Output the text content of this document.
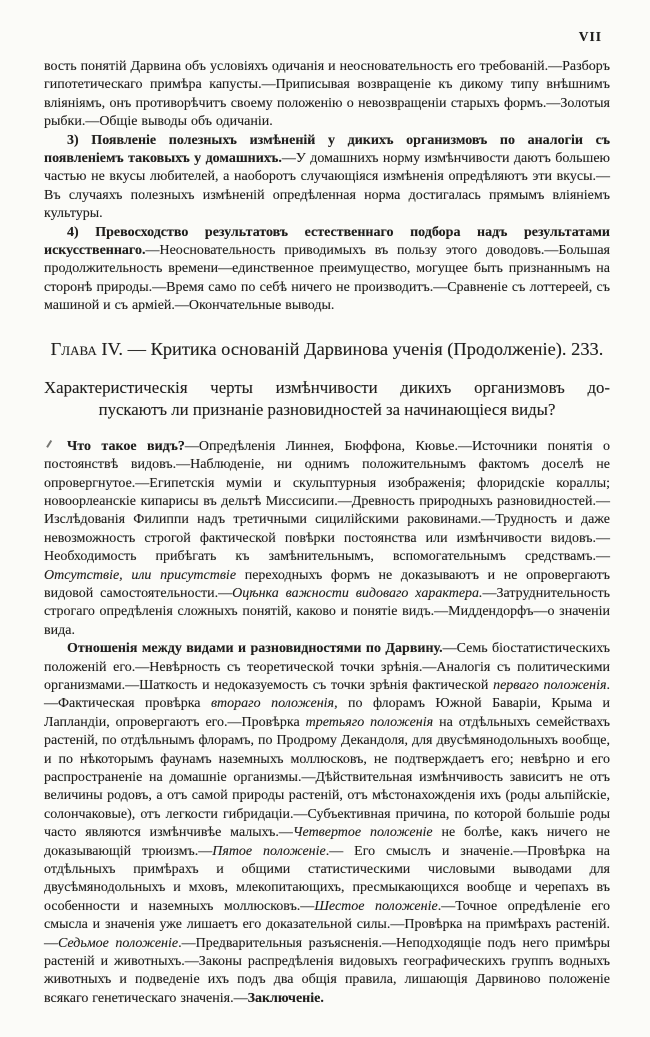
VII

вость понятій Дарвина объ условіяхъ одичанія и неосновательность его требованій.—Разборъ гипотетическаго примѣра капусты.—Приписывая возвращеніе къ дикому типу внѣшнимъ вліяніямъ, онъ противорѣчитъ своему положенію о невозвращеніи старыхъ формъ.—Золотыя рыбки.—Общіе выводы объ одичаніи.

3) Появленіе полезныхъ измѣненій у дикихъ организмовъ по аналогіи съ появленіемъ таковыхъ у домашнихъ.—У домашнихъ норму измѣнчивости даютъ большею частью не вкусы любителей, а наоборотъ случающіяся измѣненія опредѣляютъ эти вкусы.—Въ случаяхъ полезныхъ измѣненій опредѣленная норма достигалась прямымъ вліяніемъ культуры.

4) Превосходство результатовъ естественнаго подбора надъ результатами искусственнаго.—Неосновательность приводимыхъ въ пользу этого доводовъ.—Большая продолжительность времени—единственное преимущество, могущее быть признаннымъ на сторонѣ природы.—Время само по себѣ ничего не производитъ.—Сравненіе съ лоттереей, съ машиной и съ арміей.—Окончательные выводы.

Глава IV. — Критика основаній Дарвинова ученія (Продолженіе). 233.
Характеристическія черты измѣнчивости дикихъ организмовъ до-
пускаютъ ли признаніе разновидностей за начинающіеся виды?

Что такое видъ?—Опредѣленія Линнея, Бюффона, Кювье.—Источники понятія о постоянствѣ видовъ.—Наблюденіе, ни однимъ положительнымъ фактомъ доселѣ не опровергнутое.—Египетскія муміи и скульптурныя изображенія; флоридскіе кораллы; новоорлеанскіе кипарисы въ дельтѣ Миссисипи.—Древность природныхъ разновидностей.—Изслѣдованія Филиппи надъ третичными сицилійскими раковинами.—Трудность и даже невозможность строгой фактической повѣрки постоянства или измѣнчивости видовъ.—Необходимость прибѣгать къ замѣнительнымъ, вспомогательнымъ средствамъ.—Отсутствіе, или присутствіе переходныхъ формъ не доказываютъ и не опровергаютъ видовой самостоятельности.—Оцѣнка важности видоваго характера.—Затруднительность строгаго опредѣленія сложныхъ понятій, каково и понятіе видъ.—Миддендорфъ—о значеніи вида.

Отношенія между видами и разновидностями по Дарвину.—Семь біостатистическихъ положеній его.—Невѣрность съ теоретической точки зрѣнія.—Аналогія съ политическими организмами.—Шаткость и недоказуемость съ точки зрѣнія фактической перваго положенія.—Фактическая провѣрка втораго положенія, по флорамъ Южной Баваріи, Крыма и Лапландіи, опровергаютъ его.—Провѣрка третьяго положенія на отдѣльныхъ семействахъ растеній, по отдѣльнымъ флорамъ, по Продрому Декандоля, для двусѣмянодольныхъ вообще, и по нѣкоторымъ фаунамъ наземныхъ моллюсковъ, не подтверждаетъ его; невѣрно и его распространеніе на домашніе организмы.—Дѣйствительная измѣнчивость зависитъ не отъ величины родовъ, а отъ самой природы растеній, отъ мѣстонахожденія ихъ (роды альпійскіе, солончаковые), отъ легкости гибридаціи.—Субъективная причина, по которой большіе роды часто являются измѣнчивѣе малыхъ.—Четвертое положеніе не болѣе, какъ ничего не доказывающій трюизмъ.—Пятое положеніе.— Его смыслъ и значеніе.—Провѣрка на отдѣльныхъ примѣрахъ и общими статистическими числовыми выводами для двусѣмянодольныхъ и мховъ, млекопитающихъ, пресмыкающихся вообще и черепахъ въ особенности и наземныхъ моллюсковъ.—Шестое положеніе.—Точное опредѣленіе его смысла и значенія уже лишаетъ его доказательной силы.—Провѣрка на примѣрахъ растеній.—Седьмое положеніе.—Предварительныя разъясненія.—Неподходящіе подъ него примѣры растеній и животныхъ.—Законы распредѣленія видовыхъ географическихъ группъ водныхъ животныхъ и подведеніе ихъ подъ два общія правила, лишающія Дарвиново положеніе всякаго генетическаго значенія.—Заключеніе.
